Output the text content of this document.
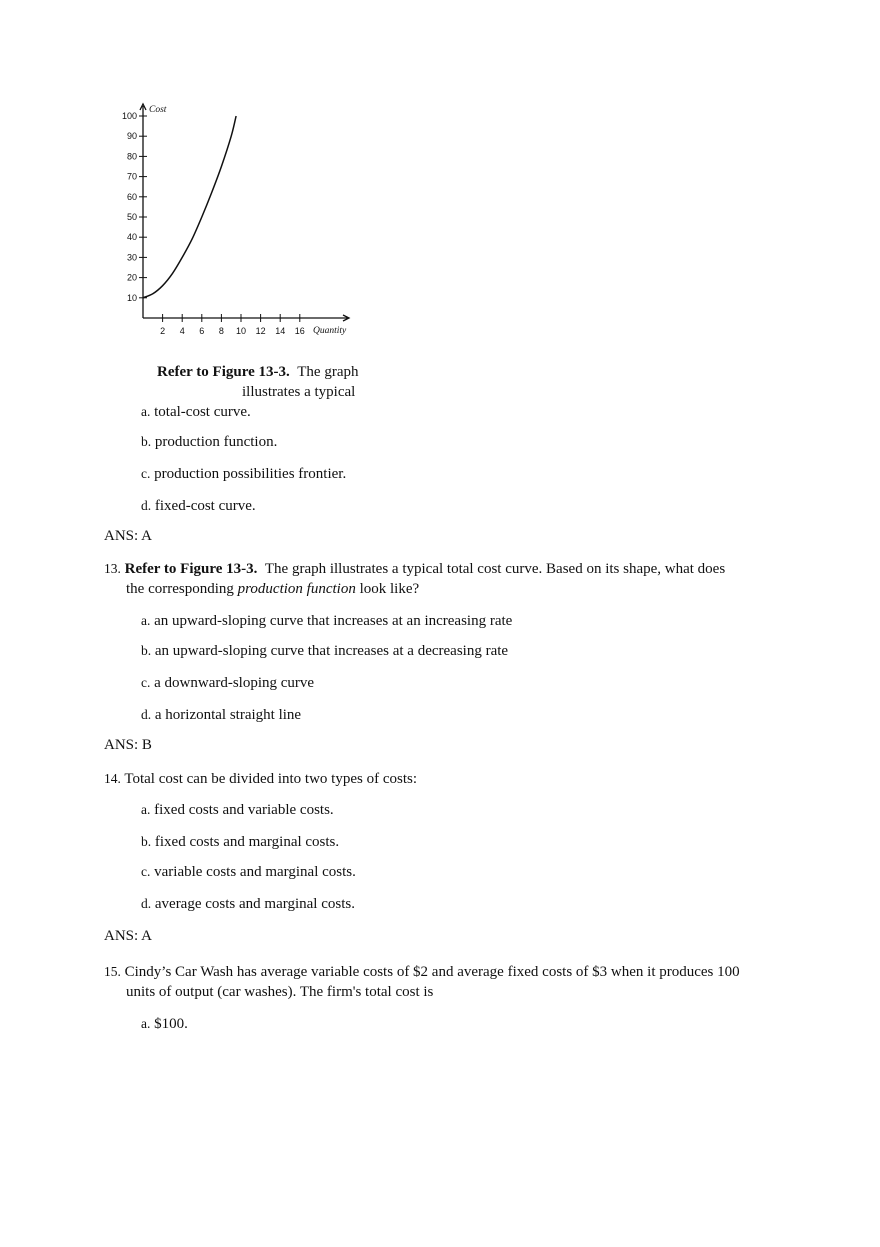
10
20
30
40
50
60
70
80
90
100
2 4 6 8 10 12 14 16
Cost
Quantity
Refer to Figure 13-3. The graph
illustrates a typical
a. total-cost curve.
b. production function.
c. production possibilities frontier.
d. fixed-cost curve.
ANS: A
13. Refer to Figure 13-3. The graph illustrates a typical total cost curve. Based on its shape, what does
the corresponding production function look like?
a. an upward-sloping curve that increases at an increasing rate
b. an upward-sloping curve that increases at a decreasing rate
c. a downward-sloping curve
d. a horizontal straight line
ANS: B
14. Total cost can be divided into two types of costs:
a. fixed costs and variable costs.
b. fixed costs and marginal costs.
c. variable costs and marginal costs.
d. average costs and marginal costs.
ANS: A
15. Cindy’s Car Wash has average variable costs of $2 and average fixed costs of $3 when it produces 100
units of output (car washes). The firm's total cost is
a. $100.
